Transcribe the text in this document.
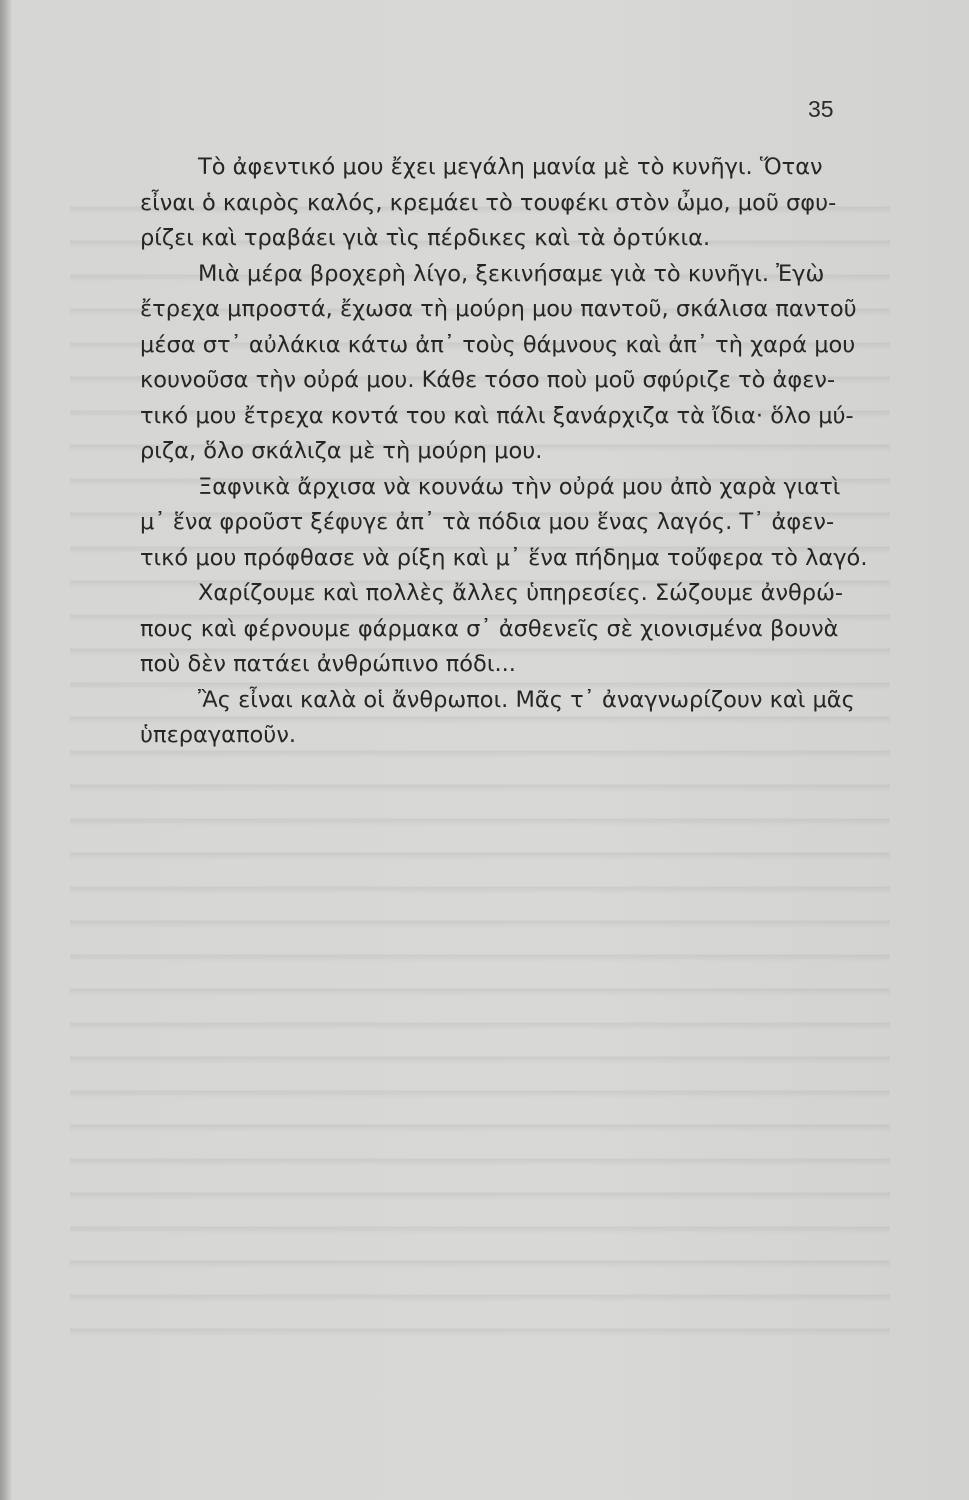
35

Τὸ ἀφεντικό μου ἔχει μεγάλη μανία μὲ τὸ κυνῆγι. Ὅταν
εἶναι ὁ καιρὸς καλός, κρεμάει τὸ τουφέκι στὸν ὦμο, μοῦ σφυ-
ρίζει καὶ τραβάει γιὰ τὶς πέρδικες καὶ τὰ ὀρτύκια.

Μιὰ μέρα βροχερὴ λίγο, ξεκινήσαμε γιὰ τὸ κυνῆγι. Ἐγὼ
ἔτρεχα μπροστά, ἔχωσα τὴ μούρη μου παντοῦ, σκάλισα παντοῦ
μέσα στ᾿ αὐλάκια κάτω ἀπ᾿ τοὺς θάμνους καὶ ἀπ᾿ τὴ χαρά μου
κουνοῦσα τὴν οὐρά μου. Κάθε τόσο ποὺ μοῦ σφύριζε τὸ ἀφεν-
τικό μου ἔτρεχα κοντά του καὶ πάλι ξανάρχιζα τὰ ἴδια· ὅλο μύ-
ριζα, ὅλο σκάλιζα μὲ τὴ μούρη μου.

Ξαφνικὰ ἄρχισα νὰ κουνάω τὴν οὐρά μου ἀπὸ χαρὰ γιατὶ
μ᾿ ἕνα φροῦστ ξέφυγε ἀπ᾿ τὰ πόδια μου ἕνας λαγός. Τ᾿ ἀφεν-
τικό μου πρόφθασε νὰ ρίξη καὶ μ᾿ ἕνα πήδημα τοὔφερα τὸ λαγό.

Χαρίζουμε καὶ πολλὲς ἄλλες ὑπηρεσίες. Σώζουμε ἀνθρώ-
πους καὶ φέρνουμε φάρμακα σ᾿ ἀσθενεῖς σὲ χιονισμένα βουνὰ
ποὺ δὲν πατάει ἀνθρώπινο πόδι...

Ἂς εἶναι καλὰ οἱ ἄνθρωποι. Μᾶς τ᾿ ἀναγνωρίζουν καὶ μᾶς
ὑπεραγαποῦν.
